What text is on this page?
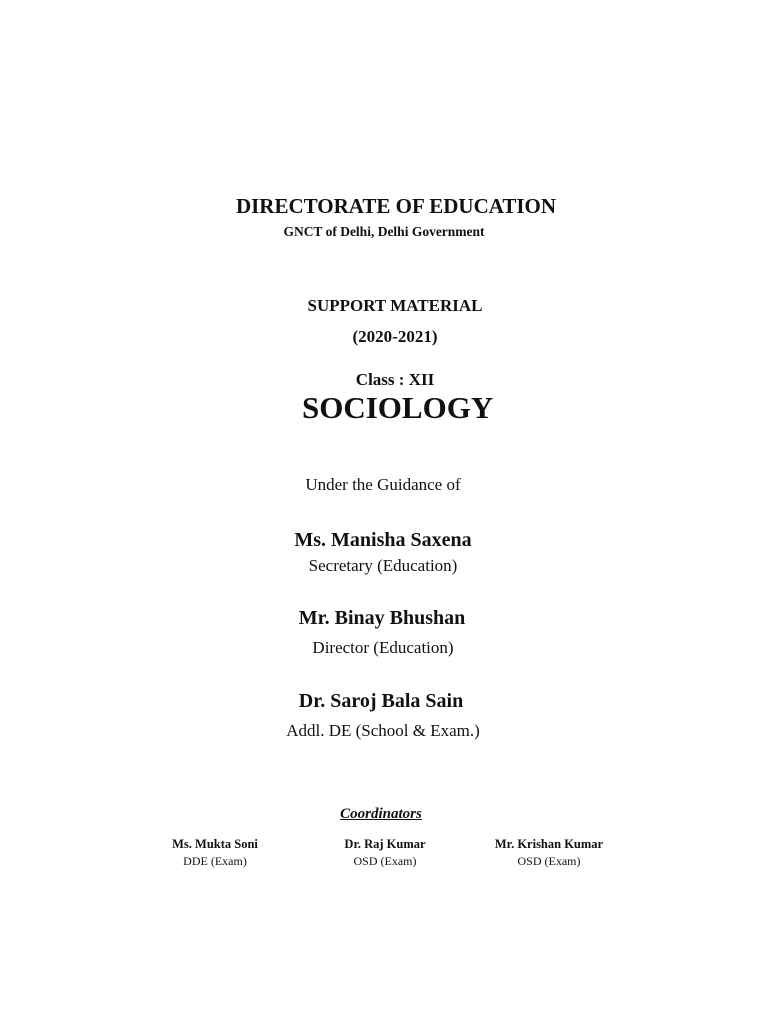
DIRECTORATE OF EDUCATION
GNCT of Delhi, Delhi Government
SUPPORT MATERIAL
(2020-2021)
Class : XII
SOCIOLOGY
Under the Guidance of
Ms. Manisha Saxena
Secretary (Education)
Mr. Binay Bhushan
Director (Education)
Dr. Saroj Bala Sain
Addl. DE (School & Exam.)
Coordinators
Ms. Mukta Soni
DDE (Exam)
Dr. Raj Kumar
OSD (Exam)
Mr. Krishan Kumar
OSD (Exam)
